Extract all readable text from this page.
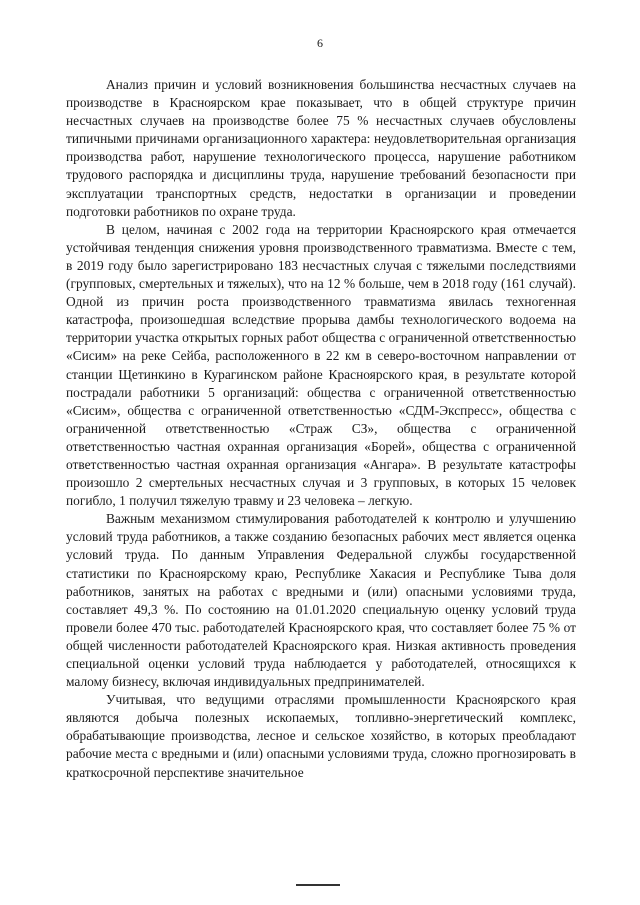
6

Анализ причин и условий возникновения большинства несчастных случаев на производстве в Красноярском крае показывает, что в общей структуре причин несчастных случаев на производстве более 75 % несчастных случаев обусловлены типичными причинами организационного характера: неудовлетворительная организация производства работ, нарушение технологического процесса, нарушение работником трудового распорядка и дисциплины труда, нарушение требований безопасности при эксплуатации транспортных средств, недостатки в организации и проведении подготовки работников по охране труда.

В целом, начиная с 2002 года на территории Красноярского края отмечается устойчивая тенденция снижения уровня производственного травматизма. Вместе с тем, в 2019 году было зарегистрировано 183 несчастных случая с тяжелыми последствиями (групповых, смертельных и тяжелых), что на 12 % больше, чем в 2018 году (161 случай). Одной из причин роста производственного травматизма явилась техногенная катастрофа, произошедшая вследствие прорыва дамбы технологического водоема на территории участка открытых горных работ общества с ограниченной ответственностью «Сисим» на реке Сейба, расположенного в 22 км в северо-восточном направлении от станции Щетинкино в Курагинском районе Красноярского края, в результате которой пострадали работники 5 организаций: общества с ограниченной ответственностью «Сисим», общества с ограниченной ответственностью «СДМ-Экспресс», общества с ограниченной ответственностью «Страж СЗ», общества с ограниченной ответственностью частная охранная организация «Борей», общества с ограниченной ответственностью частная охранная организация «Ангара». В результате катастрофы произошло 2 смертельных несчастных случая и 3 групповых, в которых 15 человек погибло, 1 получил тяжелую травму и 23 человека – легкую.

Важным механизмом стимулирования работодателей к контролю и улучшению условий труда работников, а также созданию безопасных рабочих мест является оценка условий труда. По данным Управления Федеральной службы государственной статистики по Красноярскому краю, Республике Хакасия и Республике Тыва доля работников, занятых на работах с вредными и (или) опасными условиями труда, составляет 49,3 %. По состоянию на 01.01.2020 специальную оценку условий труда провели более 470 тыс. работодателей Красноярского края, что составляет более 75 % от общей численности работодателей Красноярского края. Низкая активность проведения специальной оценки условий труда наблюдается у работодателей, относящихся к малому бизнесу, включая индивидуальных предпринимателей.

Учитывая, что ведущими отраслями промышленности Красноярского края являются добыча полезных ископаемых, топливно-энергетический комплекс, обрабатывающие производства, лесное и сельское хозяйство, в которых преобладают рабочие места с вредными и (или) опасными условиями труда, сложно прогнозировать в краткосрочной перспективе значительное
